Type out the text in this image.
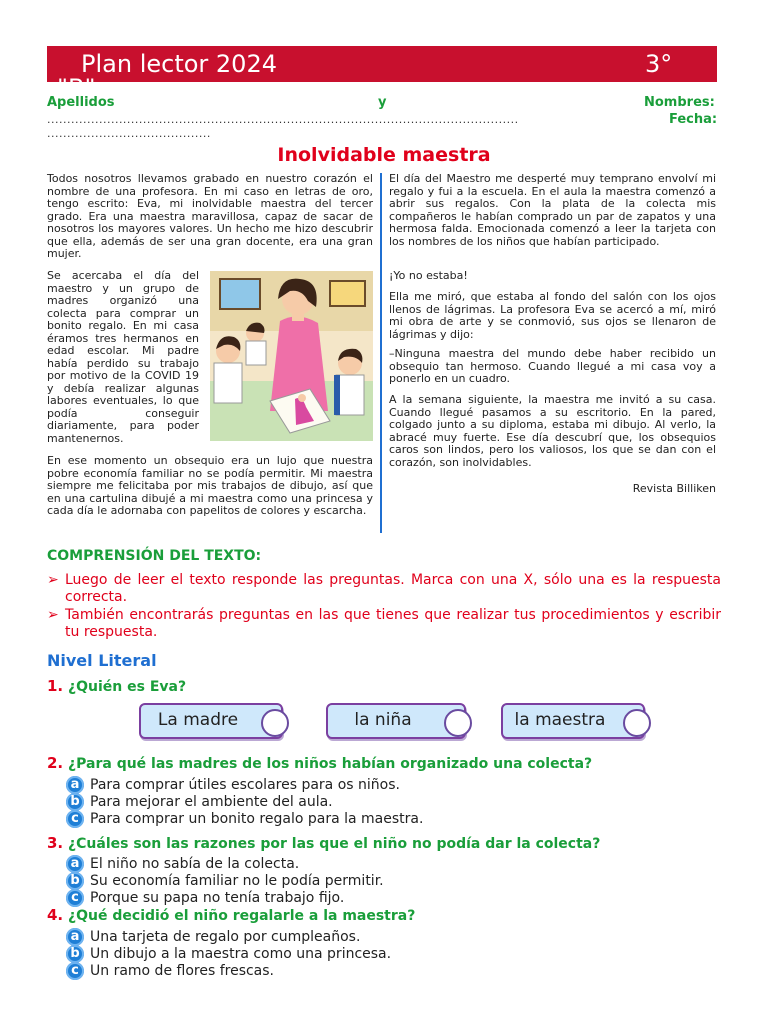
Plan lector 2024	3°
"B"
Apellidos	y	Nombres:
......................................................................................................................	Fecha:
.........................................
Inolvidable maestra

Todos nosotros llevamos grabado en nuestro corazón el nombre de una profesora. En mi caso en letras de oro, tengo escrito: Eva, mi inolvidable maestra del tercer grado. Era una maestra maravillosa, capaz de sacar de nosotros los mayores valores. Un hecho me hizo descubrir que ella, además de ser una gran docente, era una gran mujer.

Se acercaba el día del maestro y un grupo de madres organizó una colecta para comprar un bonito regalo. En mi casa éramos tres hermanos en edad escolar. Mi padre había perdido su trabajo por motivo de la COVID 19 y debía realizar algunas labores eventuales, lo que podía conseguir diariamente, para poder mantenernos.

En ese momento un obsequio era un lujo que nuestra pobre economía familiar no se podía permitir. Mi maestra siempre me felicitaba por mis trabajos de dibujo, así que en una cartulina dibujé a mi maestra como una princesa y cada día le adornaba con papelitos de colores y escarcha.

El día del Maestro me desperté muy temprano envolví mi regalo y fui a la escuela. En el aula la maestra comenzó a abrir sus regalos. Con la plata de la colecta mis compañeros le habían comprado un par de zapatos y una hermosa falda. Emocionada comenzó a leer la tarjeta con los nombres de los niños que habían participado.

¡Yo no estaba!

Ella me miró, que estaba al fondo del salón con los ojos llenos de lágrimas. La profesora Eva se acercó a mí, miró mi obra de arte y se conmovió, sus ojos se llenaron de lágrimas y dijo:

–Ninguna maestra del mundo debe haber recibido un obsequio tan hermoso. Cuando llegué a mi casa voy a ponerlo en un cuadro.

A la semana siguiente, la maestra me invitó a su casa. Cuando llegué pasamos a su escritorio. En la pared, colgado junto a su diploma, estaba mi dibujo. Al verlo, la abracé muy fuerte. Ese día descubrí que, los obsequios caros son lindos, pero los valiosos, los que se dan con el corazón, son inolvidables.

Revista Billiken

COMPRENSIÓN DEL TEXTO:
➢ Luego de leer el texto responde las preguntas. Marca con una X, sólo una es la respuesta correcta.
➢ También encontrarás preguntas en las que tienes que realizar tus procedimientos y escribir tu respuesta.
Nivel Literal
1. ¿Quién es Eva?
La madre	la niña	la maestra
2. ¿Para qué las madres de los niños habían organizado una colecta?
a Para comprar útiles escolares para os niños.
b Para mejorar el ambiente del aula.
c Para comprar un bonito regalo para la maestra.
3. ¿Cuáles son las razones por las que el niño no podía dar la colecta?
a El niño no sabía de la colecta.
b Su economía familiar no le podía permitir.
c Porque su papa no tenía trabajo fijo.
4. ¿Qué decidió el niño regalarle a la maestra?
a Una tarjeta de regalo por cumpleaños.
b Un dibujo a la maestra como una princesa.
c Un ramo de flores frescas.
